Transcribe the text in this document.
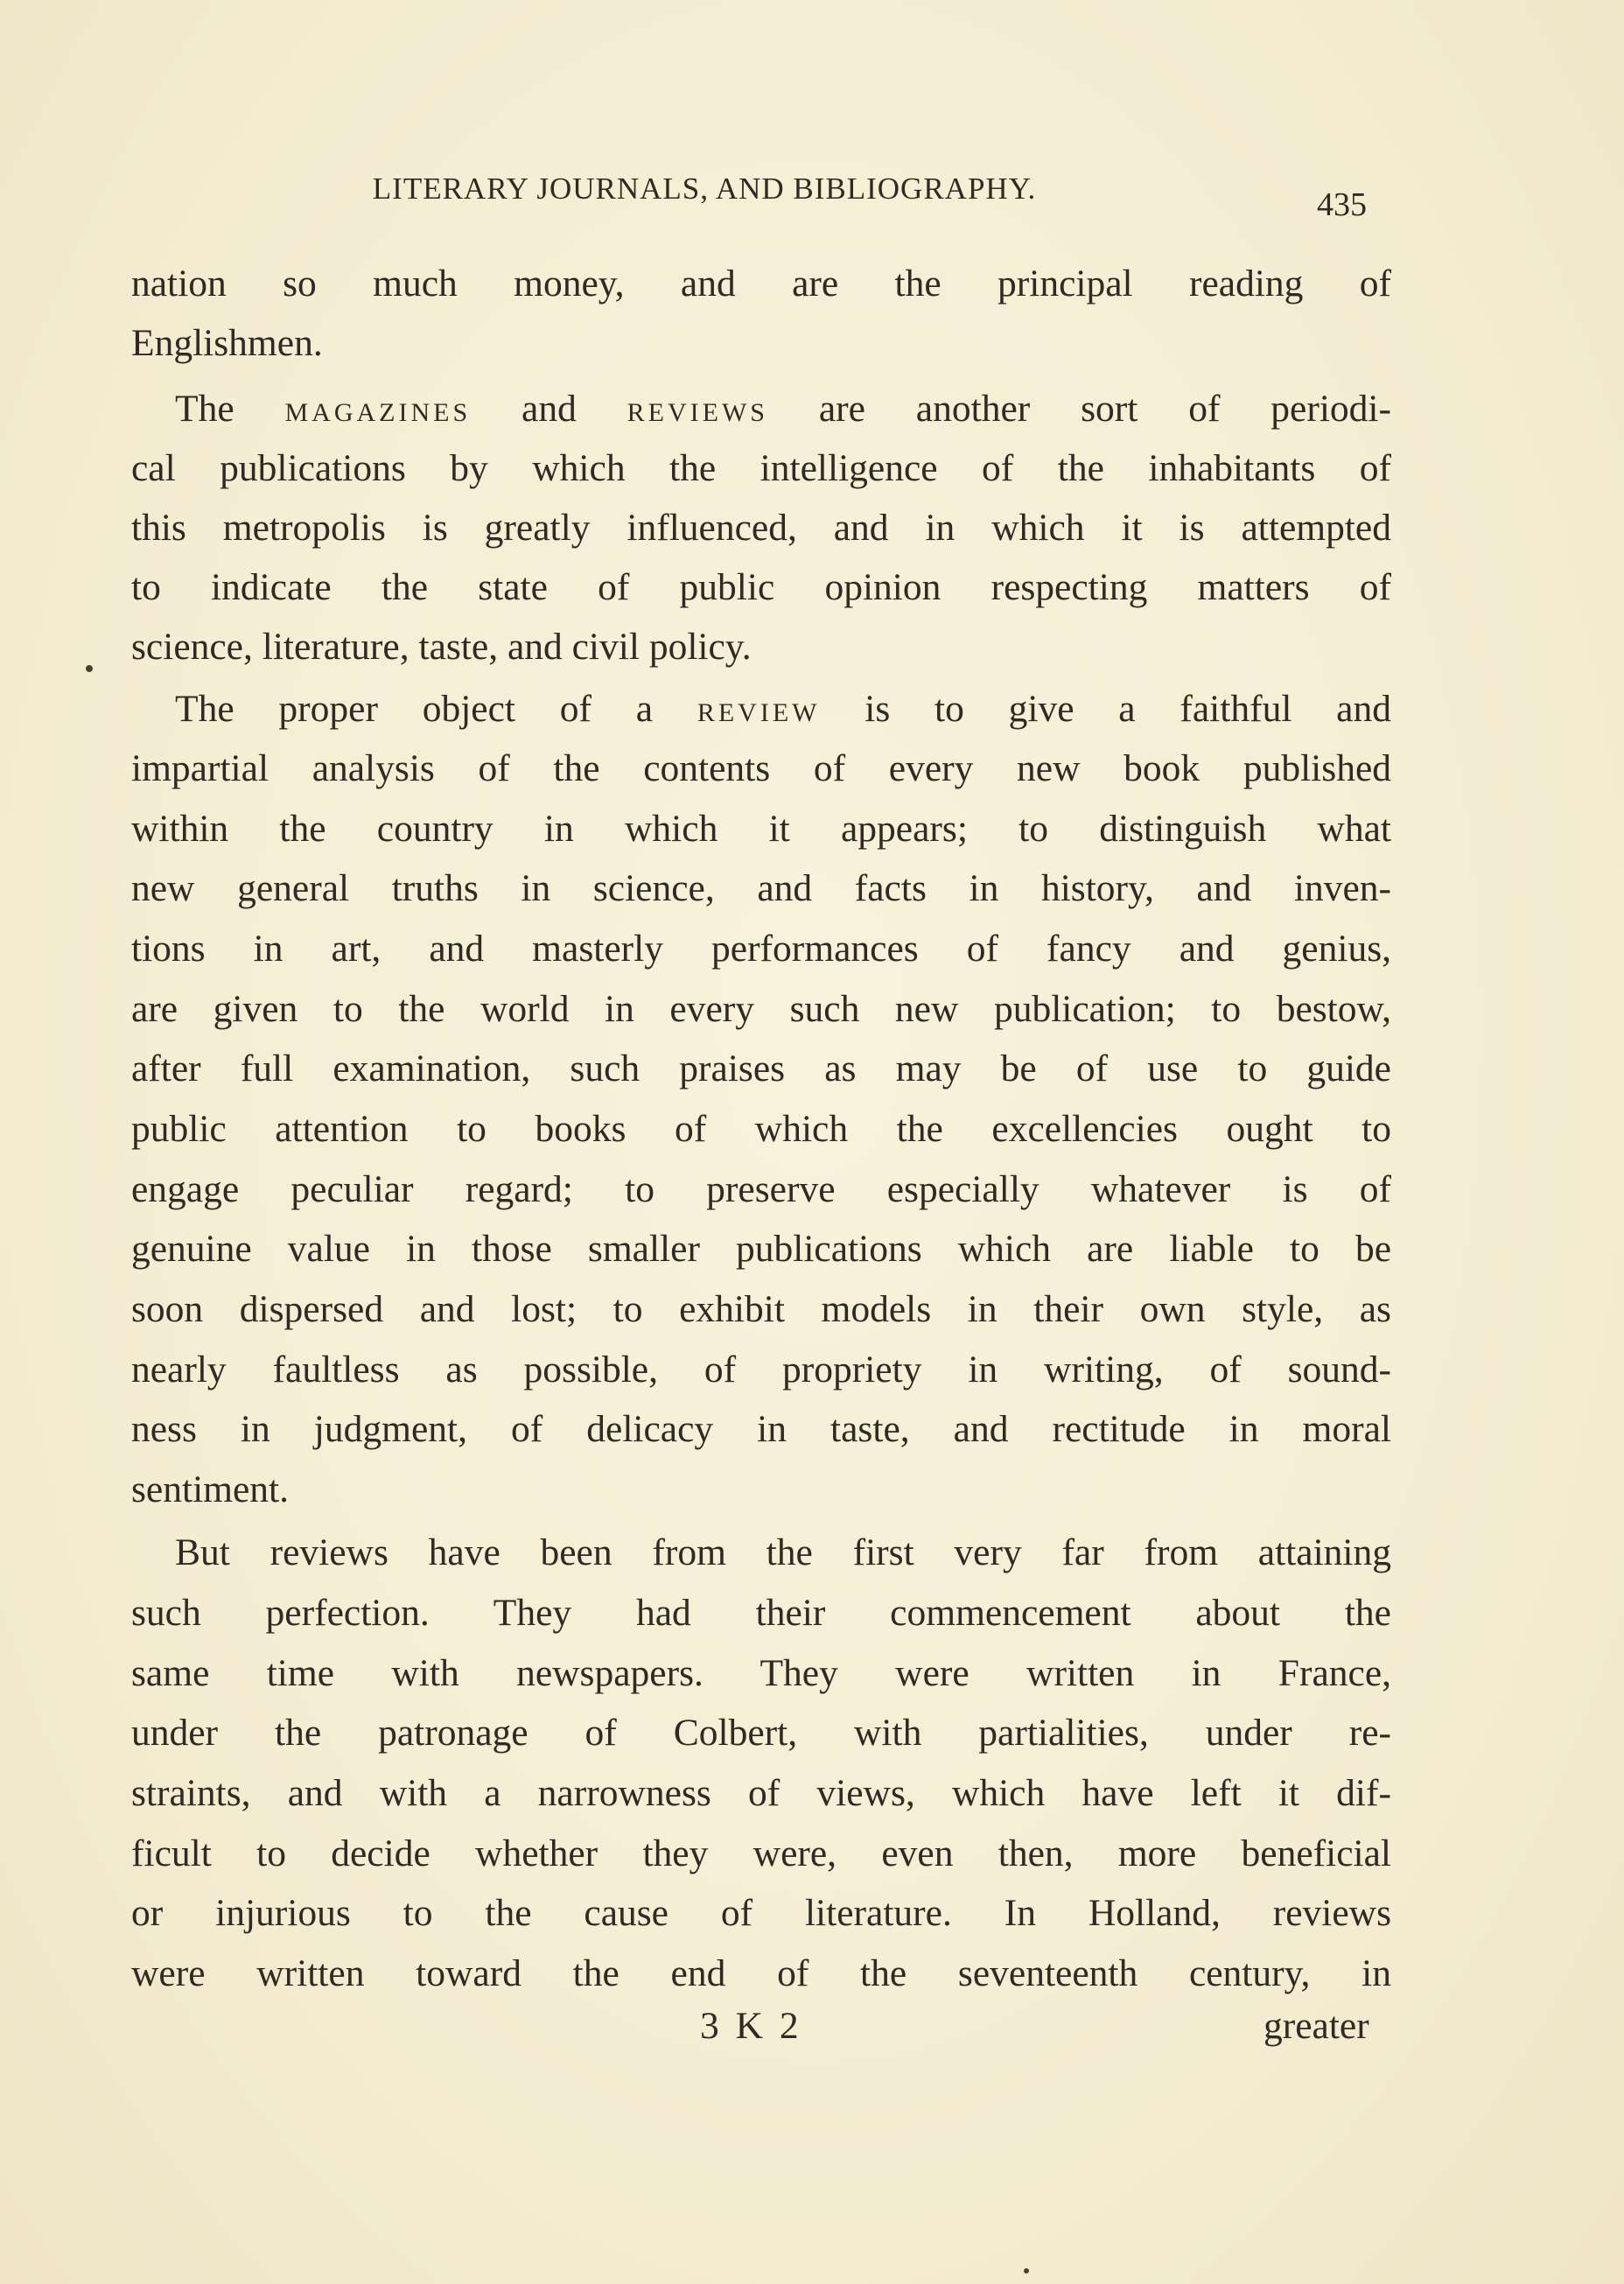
LITERARY JOURNALS, AND BIBLIOGRAPHY.	435
nation so much money, and are the principal reading of
Englishmen.
The magazines and reviews are another sort of periodi-
cal publications by which the intelligence of the inhabitants of
this metropolis is greatly influenced, and in which it is attempted
to indicate the state of public opinion respecting matters of
science, literature, taste, and civil policy.
The proper object of a review is to give a faithful and
impartial analysis of the contents of every new book published
within the country in which it appears; to distinguish what
new general truths in science, and facts in history, and inven-
tions in art, and masterly performances of fancy and genius,
are given to the world in every such new publication; to bestow,
after full examination, such praises as may be of use to guide
public attention to books of which the excellencies ought to
engage peculiar regard; to preserve especially whatever is of
genuine value in those smaller publications which are liable to be
soon dispersed and lost; to exhibit models in their own style, as
nearly faultless as possible, of propriety in writing, of sound-
ness in judgment, of delicacy in taste, and rectitude in moral
sentiment.
But reviews have been from the first very far from attaining
such perfection. They had their commencement about the
same time with newspapers. They were written in France,
under the patronage of Colbert, with partialities, under re-
straints, and with a narrowness of views, which have left it dif-
ficult to decide whether they were, even then, more beneficial
or injurious to the cause of literature. In Holland, reviews
were written toward the end of the seventeenth century, in
3 K 2	greater
